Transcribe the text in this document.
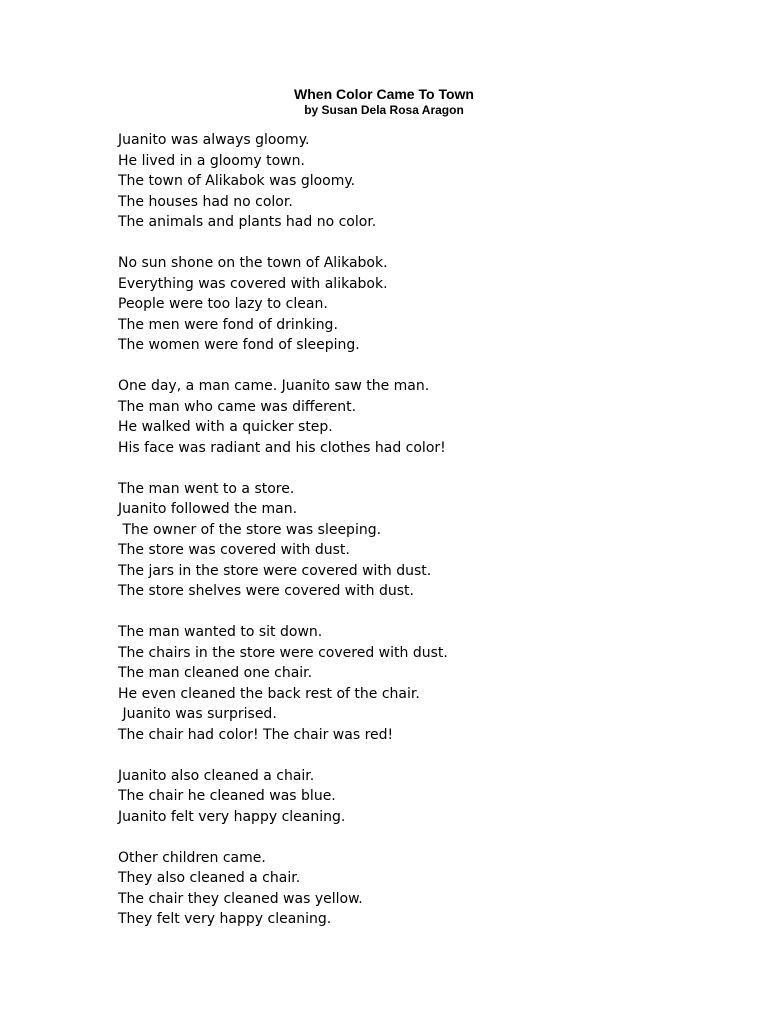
When Color Came To Town
by Susan Dela Rosa Aragon
Juanito was always gloomy.
He lived in a gloomy town.
The town of Alikabok was gloomy.
The houses had no color.
The animals and plants had no color.
No sun shone on the town of Alikabok.
Everything was covered with alikabok.
People were too lazy to clean.
The men were fond of drinking.
The women were fond of sleeping.
One day, a man came. Juanito saw the man.
The man who came was different.
He walked with a quicker step.
His face was radiant and his clothes had color!
The man went to a store.
Juanito followed the man.
The owner of the store was sleeping.
The store was covered with dust.
The jars in the store were covered with dust.
The store shelves were covered with dust.
The man wanted to sit down.
The chairs in the store were covered with dust.
The man cleaned one chair.
He even cleaned the back rest of the chair.
Juanito was surprised.
The chair had color! The chair was red!
Juanito also cleaned a chair.
The chair he cleaned was blue.
Juanito felt very happy cleaning.
Other children came.
They also cleaned a chair.
The chair they cleaned was yellow.
They felt very happy cleaning.
